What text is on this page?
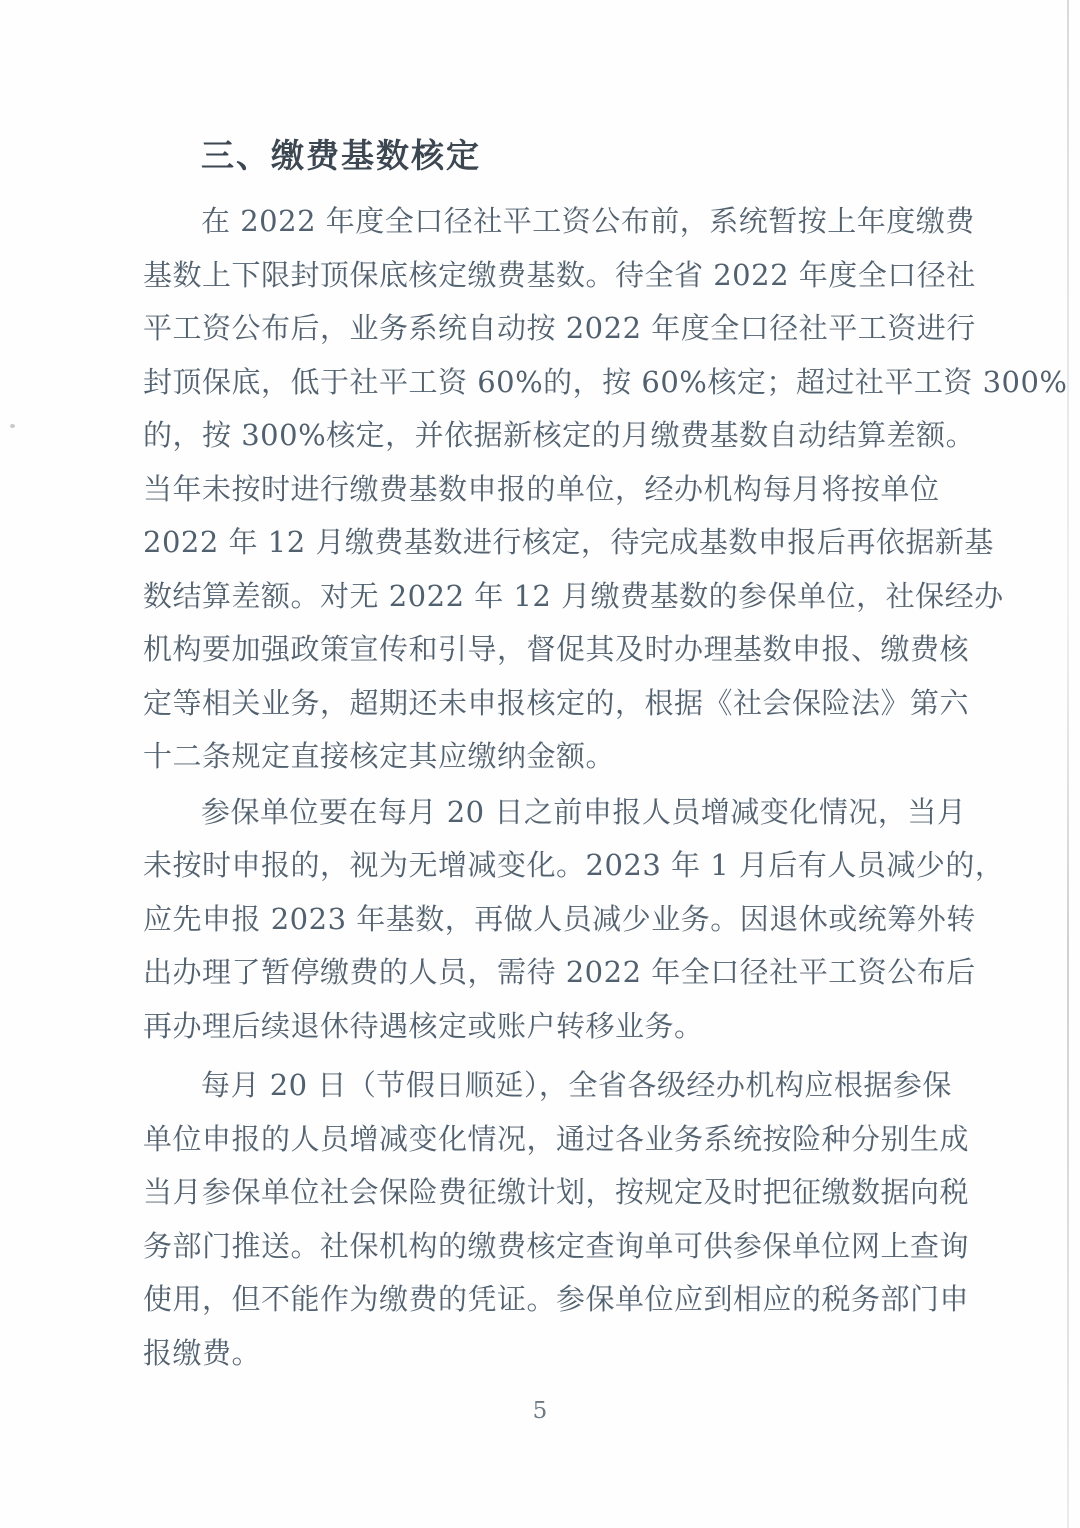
三、缴费基数核定
在 2022 年度全口径社平工资公布前，系统暂按上年度缴费
基数上下限封顶保底核定缴费基数。待全省 2022 年度全口径社
平工资公布后，业务系统自动按 2022 年度全口径社平工资进行
封顶保底，低于社平工资 60%的，按 60%核定；超过社平工资 300%
的，按 300%核定，并依据新核定的月缴费基数自动结算差额。
当年未按时进行缴费基数申报的单位，经办机构每月将按单位
2022 年 12 月缴费基数进行核定，待完成基数申报后再依据新基
数结算差额。对无 2022 年 12 月缴费基数的参保单位，社保经办
机构要加强政策宣传和引导，督促其及时办理基数申报、缴费核
定等相关业务，超期还未申报核定的，根据《社会保险法》第六
十二条规定直接核定其应缴纳金额。
参保单位要在每月 20 日之前申报人员增减变化情况，当月
未按时申报的，视为无增减变化。2023 年 1 月后有人员减少的，
应先申报 2023 年基数，再做人员减少业务。因退休或统筹外转
出办理了暂停缴费的人员，需待 2022 年全口径社平工资公布后
再办理后续退休待遇核定或账户转移业务。
每月 20 日（节假日顺延），全省各级经办机构应根据参保
单位申报的人员增减变化情况，通过各业务系统按险种分别生成
当月参保单位社会保险费征缴计划，按规定及时把征缴数据向税
务部门推送。社保机构的缴费核定查询单可供参保单位网上查询
使用，但不能作为缴费的凭证。参保单位应到相应的税务部门申
报缴费。
5
